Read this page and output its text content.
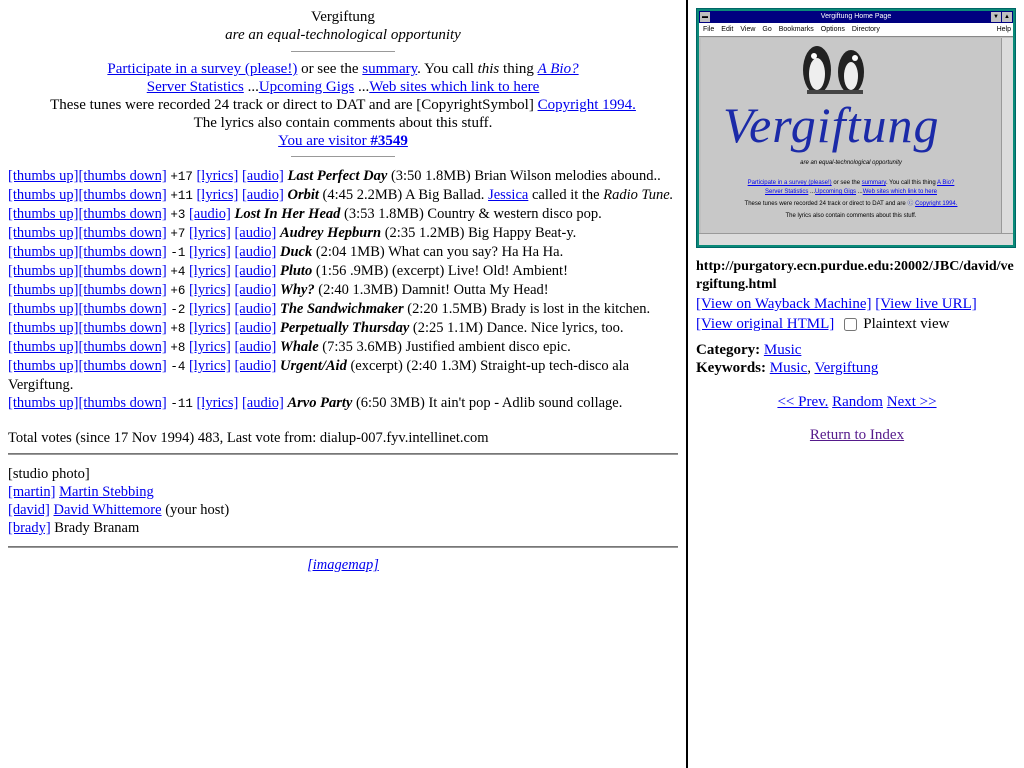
Vergiftung
are an equal-technological opportunity
Participate in a survey (please!) or see the summary. You call this thing A Bio?
Server Statistics ...Upcoming Gigs ...Web sites which link to here
These tunes were recorded 24 track or direct to DAT and are [CopyrightSymbol] Copyright 1994.
The lyrics also contain comments about this stuff.
You are visitor #3549
[thumbs up][thumbs down] +17 [lyrics] [audio] Last Perfect Day (3:50 1.8MB) Brian Wilson melodies abound..
[thumbs up][thumbs down] +11 [lyrics] [audio] Orbit (4:45 2.2MB) A Big Ballad. Jessica called it the Radio Tune.
[thumbs up][thumbs down] +3 [audio] Lost In Her Head (3:53 1.8MB) Country & western disco pop.
[thumbs up][thumbs down] +7 [lyrics] [audio] Audrey Hepburn (2:35 1.2MB) Big Happy Beat-y.
[thumbs up][thumbs down] -1 [lyrics] [audio] Duck (2:04 1MB) What can you say? Ha Ha Ha.
[thumbs up][thumbs down] +4 [lyrics] [audio] Pluto (1:56 .9MB) (excerpt) Live! Old! Ambient!
[thumbs up][thumbs down] +6 [lyrics] [audio] Why? (2:40 1.3MB) Damnit! Outta My Head!
[thumbs up][thumbs down] -2 [lyrics] [audio] The Sandwichmaker (2:20 1.5MB) Brady is lost in the kitchen.
[thumbs up][thumbs down] +8 [lyrics] [audio] Perpetually Thursday (2:25 1.1M) Dance. Nice lyrics, too.
[thumbs up][thumbs down] +8 [lyrics] [audio] Whale (7:35 3.6MB) Justified ambient disco epic.
[thumbs up][thumbs down] -4 [lyrics] [audio] Urgent/Aid (excerpt) (2:40 1.3M) Straight-up tech-disco ala Vergiftung.
[thumbs up][thumbs down] -11 [lyrics] [audio] Arvo Party (6:50 3MB) It ain't pop - Adlib sound collage.
Total votes (since 17 Nov 1994) 483, Last vote from: dialup-007.fyv.intellinet.com
[studio photo]
[martin] Martin Stebbing
[david] David Whittemore (your host)
[brady] Brady Branam
[imagemap]
▬	Vergiftung Home Page	▼ ▲
File Edit View Go Bookmarks Options Directory	Help
Vergiftung
are an equal-technological opportunity
Participate in a survey (please!) or see the summary. You call this thing A Bio?
Server Statistics ...Upcoming Gigs ...Web sites which link to here
These tunes were recorded 24 track or direct to DAT and are Ⓒ Copyright 1994.
The lyrics also contain comments about this stuff.
http://purgatory.ecn.purdue.edu:20002/JBC/david/vergiftung.html
[View on Wayback Machine] [View live URL]
[View original HTML] Plaintext view
Category: Music
Keywords: Music, Vergiftung
<< Prev. Random Next >>
Return to Index
